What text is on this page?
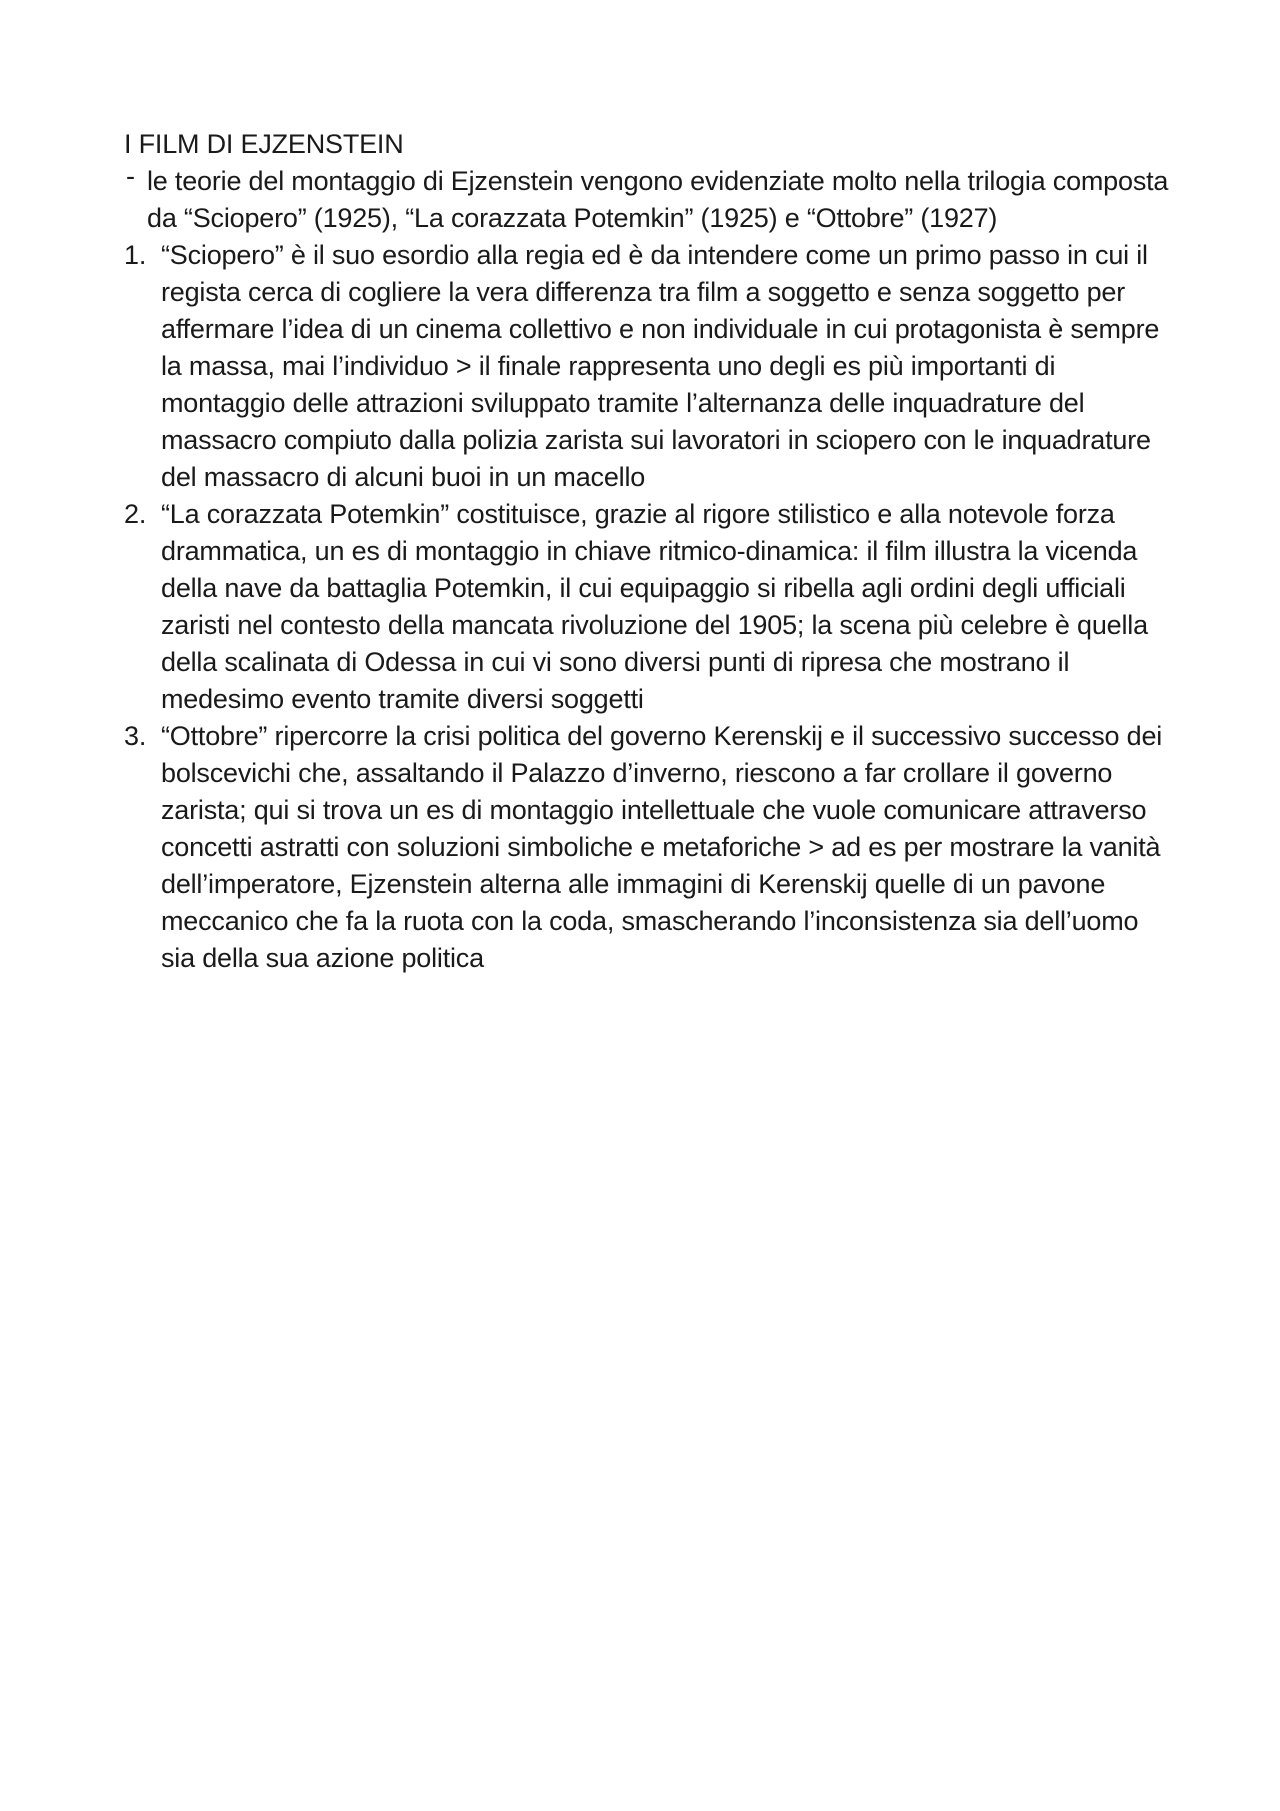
I FILM DI EJZENSTEIN
- le teorie del montaggio di Ejzenstein vengono evidenziate molto nella trilogia composta da “Sciopero” (1925), “La corazzata Potemkin” (1925) e “Ottobre” (1927)
1. “Sciopero” è il suo esordio alla regia ed è da intendere come un primo passo in cui il regista cerca di cogliere la vera differenza tra film a soggetto e senza soggetto per affermare l’idea di un cinema collettivo e non individuale in cui protagonista è sempre la massa, mai l’individuo > il finale rappresenta uno degli es più importanti di montaggio delle attrazioni sviluppato tramite l’alternanza delle inquadrature del massacro compiuto dalla polizia zarista sui lavoratori in sciopero con le inquadrature del massacro di alcuni buoi in un macello
2. “La corazzata Potemkin” costituisce, grazie al rigore stilistico e alla notevole forza drammatica, un es di montaggio in chiave ritmico-dinamica: il film illustra la vicenda della nave da battaglia Potemkin, il cui equipaggio si ribella agli ordini degli ufficiali zaristi nel contesto della mancata rivoluzione del 1905; la scena più celebre è quella della scalinata di Odessa in cui vi sono diversi punti di ripresa che mostrano il medesimo evento tramite diversi soggetti
3. “Ottobre” ripercorre la crisi politica del governo Kerenskij e il successivo successo dei bolscevichi che, assaltando il Palazzo d’inverno, riescono a far crollare il governo zarista; qui si trova un es di montaggio intellettuale che vuole comunicare attraverso concetti astratti con soluzioni simboliche e metaforiche > ad es per mostrare la vanità dell’imperatore, Ejzenstein alterna alle immagini di Kerenskij quelle di un pavone meccanico che fa la ruota con la coda, smascherando l’inconsistenza sia dell’uomo sia della sua azione politica
